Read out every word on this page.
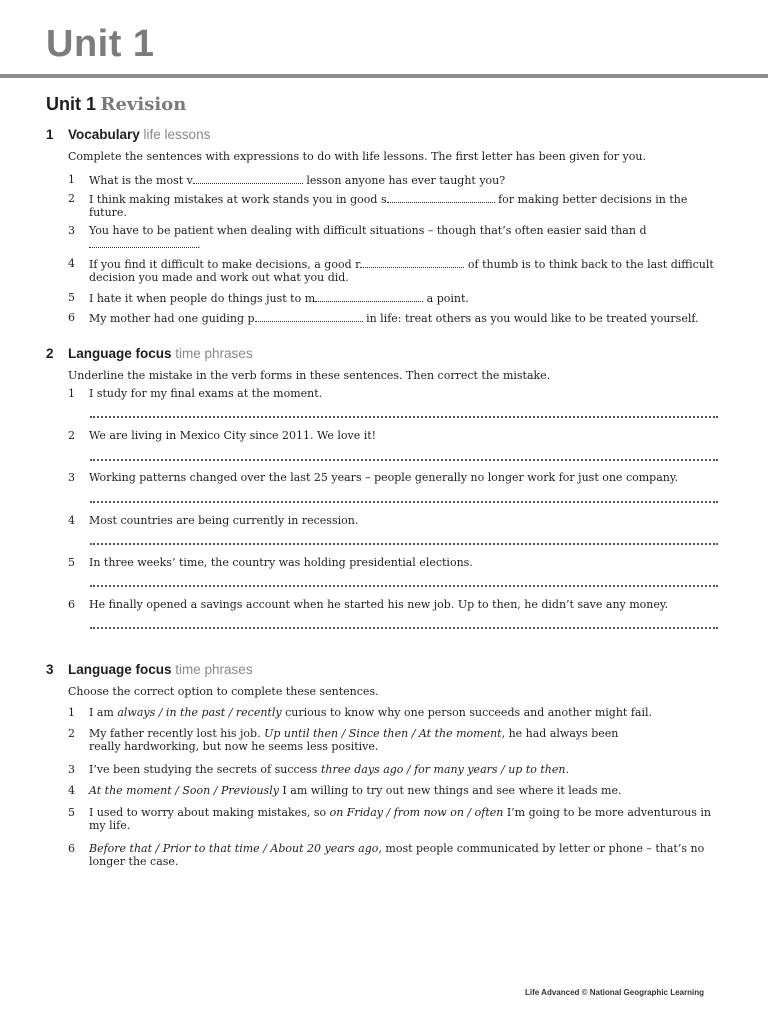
Unit 1
Unit 1 Revision
1 Vocabulary life lessons
Complete the sentences with expressions to do with life lessons. The first letter has been given for you.
1	What is the most v	lesson anyone has ever taught you?
2	I think making mistakes at work stands you in good s	for making better decisions in the future.
3	You have to be patient when dealing with difficult situations – though that’s often easier said than d.
4	If you find it difficult to make decisions, a good r	of thumb is to think back to the last difficult decision you made and work out what you did.
5	I hate it when people do things just to m	a point.
6	My mother had one guiding p	in life: treat others as you would like to be treated yourself.
2 Language focus time phrases
Underline the mistake in the verb forms in these sentences. Then correct the mistake.
1	I study for my final exams at the moment.
2	We are living in Mexico City since 2011. We love it!
3	Working patterns changed over the last 25 years – people generally no longer work for just one company.
4	Most countries are being currently in recession.
5	In three weeks’ time, the country was holding presidential elections.
6	He finally opened a savings account when he started his new job. Up to then, he didn’t save any money.
3 Language focus time phrases
Choose the correct option to complete these sentences.
1	I am always / in the past / recently curious to know why one person succeeds and another might fail.
2	My father recently lost his job. Up until then / Since then / At the moment, he had always been really hardworking, but now he seems less positive.
3	I’ve been studying the secrets of success three days ago / for many years / up to then.
4	At the moment / Soon / Previously I am willing to try out new things and see where it leads me.
5	I used to worry about making mistakes, so on Friday / from now on / often I’m going to be more adventurous in my life.
6	Before that / Prior to that time / About 20 years ago, most people communicated by letter or phone – that’s no longer the case.
Life Advanced © National Geographic Learning
